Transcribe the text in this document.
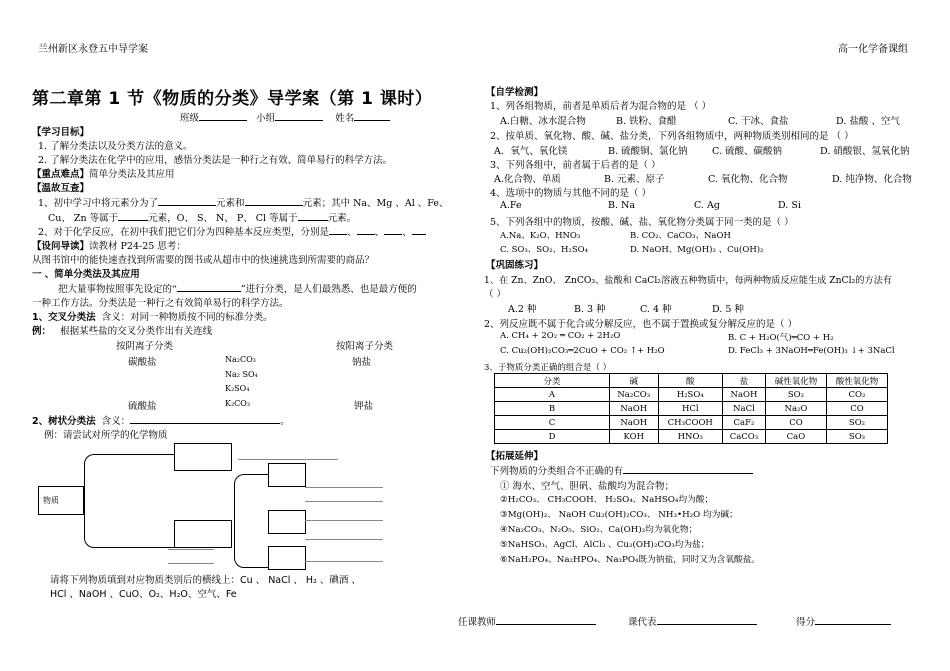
兰州新区永登五中导学案	高一化学备课组
第二章第 1 节《物质的分类》导学案（第 1 课时）
班级	小组	姓名
【学习目标】
1. 了解分类法以及分类方法的意义。
2. 了解分类法在化学中的应用，感悟分类法是一种行之有效、简单易行的科学方法。
【重点难点】简单分类法及其应用
【温故互查】
1、初中学习中将元素分为了	元素和	元素；其中 Na、Mg 、Al 、Fe、
Cu、 Zn 等属于	元素，O、 S、 N、 P、 Cl 等属于	元素。
2、对于化学反应，在初中我们把它们分为四种基本反应类型，分别是 、 、 、
【设问导读】读教材 P24-25 思考：
从图书馆中的能快速查找到所需要的图书或从超市中的快速挑选到所需要的商品？
一 、简单分类法及其应用
把大量事物按照事先设定的“	”进行分类，是人们最熟悉、也是最方便的
一种工作方法。分类法是一种行之有效简单易行的科学方法。
1、交叉分类法 含义：对同一种物质按不同的标准分类。
例： 根据某些盐的交叉分类作出有关连线
按阴离子分类	按阳离子分类
碳酸盐	钠盐
硫酸盐	钾盐
Na₂CO₃
Na₂ SO₄
K₂SO₄
K₂CO₃
2、树状分类法 含义：	。
例：请尝试对所学的化学物质
物质
请将下列物质填到对应物质类别后的横线上：Cu 、 NaCl 、 H₂ 、碘酒 、
HCl 、NaOH 、CuO、O₂、H₂O、空气、Fe
【自学检测】
1、列各组物质，前者是单质后者为混合物的是 （ ）
A.白糖、冰水混合物	B. 铁粉、食醋	C. 干冰、食盐	D. 盐酸 、空气
2、按单质、氧化物、酸、碱、盐分类，下列各组物质中，两种物质类别相同的是 （ ）
A．氧气、氧化镁	B. 硫酸铜、氯化钠	C. 硫酸、碳酸钠	D. 硝酸银、氢氧化钠
3、下列各组中，前者属于后者的是（ ）
A.化合物、单质	B. 元素、原子	C. 氧化物、化合物	D. 纯净物、化合物
4、选项中的物质与其他不同的是（ ）
A.Fe	B. Na	C. Ag	D. Si
5、下列各组中的物质，按酸、碱、盐、氧化物分类属于同一类的是（ ）
A.Na、K₂O、HNO₃	B. CO₂、CaCO₃、NaOH
C. SO₃、SO₂、H₂SO₄	D. NaOH、Mg(OH)₂ 、Cu(OH)₂
【巩固练习】
1、在 Zn、ZnO、 ZnCO₃、盐酸和 CaCl₂溶液五种物质中，每两种物质反应能生成 ZnCl₂的方法有
（ ）
A.2 种	B. 3 种	C. 4 种	D. 5 种
2、列反应既不属于化合或分解反应，也不属于置换或复分解反应的是（ ）
A. CH₄ + 2O₂ ═ CO₂ + 2H₂O	B. C + H₂O(气)═CO + H₂
C. Cu₂(OH)₂CO₃═2CuO + CO₂ ↑+ H₂O	D. FeCl₃ + 3NaOH═Fe(OH)₃ ↓+ 3NaCl
3、于物质分类正确的组合是（ ）
分类	碱	酸	盐	碱性氧化物	酸性氧化物
A	Na₂CO₃	H₂SO₄	NaOH	SO₂	CO₂
B	NaOH	HCl	NaCl	Na₂O	CO
C	NaOH	CH₃COOH	CaF₂	CO	SO₂
D	KOH	HNO₃	CaCO₃	CaO	SO₃
【拓展延伸】
下列物质的分类组合不正确的有
① 海水、空气、胆矾、盐酸均为混合物；
②H₂CO₃、 CH₃COOH、 H₂SO₄、NaHSO₄均为酸；
③Mg(OH)₂、 NaOH Cu₂(OH)₂CO₃、 NH₃•H₂O 均为碱；
④Na₂CO₃、N₂O₅、SiO₂、Ca(OH)₂均为氧化物；
⑤NaHSO₃、AgCl、AlCl₃ 、Cu₂(OH)₂CO₃均为盐；
⑥NaH₂PO₄、Na₂HPO₄、Na₃PO₄既为钠盐，同时又为含氧酸盐。
任课教师	课代表	得分
